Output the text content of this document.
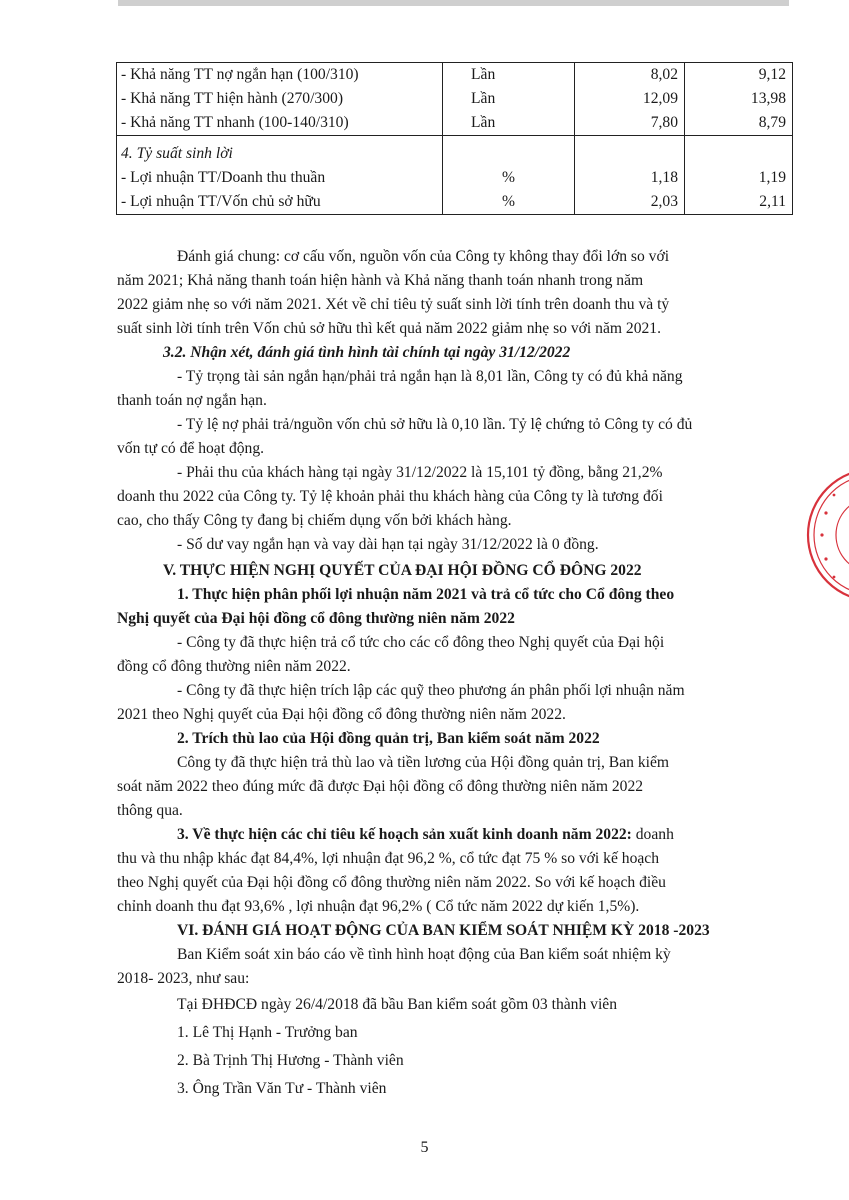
- Khả năng TT nợ ngắn hạn (100/310)	Lần	8,02	9,12
- Khả năng TT hiện hành (270/300)	Lần	12,09	13,98
- Khả năng TT nhanh (100-140/310)	Lần	7,80	8,79
4. Tỷ suất sinh lời			
- Lợi nhuận TT/Doanh thu thuần	%	1,18	1,19
- Lợi nhuận TT/Vốn chủ sở hữu	%	2,03	2,11
Đánh giá chung: cơ cấu vốn, nguồn vốn của Công ty không thay đổi lớn so với
năm 2021; Khả năng thanh toán hiện hành và Khả năng thanh toán nhanh trong năm
2022 giảm nhẹ so với năm 2021. Xét về chỉ tiêu tỷ suất sinh lời tính trên doanh thu và tỷ
suất sinh lời tính trên Vốn chủ sở hữu thì kết quả năm 2022 giảm nhẹ so với năm 2021.
3.2. Nhận xét, đánh giá tình hình tài chính tại ngày 31/12/2022
- Tỷ trọng tài sản ngắn hạn/phải trả ngắn hạn là 8,01 lần, Công ty có đủ khả năng
thanh toán nợ ngắn hạn.
- Tỷ lệ nợ phải trả/nguồn vốn chủ sở hữu là 0,10 lần. Tỷ lệ chứng tỏ Công ty có đủ
vốn tự có để hoạt động.
- Phải thu của khách hàng tại ngày 31/12/2022 là 15,101 tỷ đồng, bằng 21,2%
doanh thu 2022 của Công ty. Tỷ lệ khoản phải thu khách hàng của Công ty là tương đối
cao, cho thấy Công ty đang bị chiếm dụng vốn bởi khách hàng.
- Số dư vay ngắn hạn và vay dài hạn tại ngày 31/12/2022 là 0 đồng.
V. THỰC HIỆN NGHỊ QUYẾT CỦA ĐẠI HỘI ĐỒNG CỔ ĐÔNG 2022
1. Thực hiện phân phối lợi nhuận năm 2021 và trả cổ tức cho Cổ đông theo
Nghị quyết của Đại hội đồng cổ đông thường niên năm 2022
- Công ty đã thực hiện trả cổ tức cho các cổ đông theo Nghị quyết của Đại hội
đồng cổ đông thường niên năm 2022.
- Công ty đã thực hiện trích lập các quỹ theo phương án phân phối lợi nhuận năm
2021 theo Nghị quyết của Đại hội đồng cổ đông thường niên năm 2022.
2. Trích thù lao của Hội đồng quản trị, Ban kiểm soát năm 2022
Công ty đã thực hiện trả thù lao và tiền lương của Hội đồng quản trị, Ban kiểm
soát năm 2022 theo đúng mức đã được Đại hội đồng cổ đông thường niên năm 2022
thông qua.
3. Về thực hiện các chỉ tiêu kế hoạch sản xuất kinh doanh năm 2022: doanh
thu và thu nhập khác đạt 84,4%, lợi nhuận đạt 96,2 %, cổ tức đạt 75 % so với kế hoạch
theo Nghị quyết của Đại hội đồng cổ đông thường niên năm 2022. So với kế hoạch điều
chỉnh doanh thu đạt 93,6% , lợi nhuận đạt 96,2% ( Cổ tức năm 2022 dự kiến 1,5%).
VI. ĐÁNH GIÁ HOẠT ĐỘNG CỦA BAN KIỂM SOÁT NHIỆM KỲ 2018 -2023
Ban Kiểm soát xin báo cáo về tình hình hoạt động của Ban kiểm soát nhiệm kỳ
2018- 2023, như sau:
Tại ĐHĐCĐ ngày 26/4/2018 đã bầu Ban kiểm soát gồm 03 thành viên
1. Lê Thị Hạnh - Trưởng ban
2. Bà Trịnh Thị Hương - Thành viên
3. Ông Trần Văn Tư - Thành viên
5
